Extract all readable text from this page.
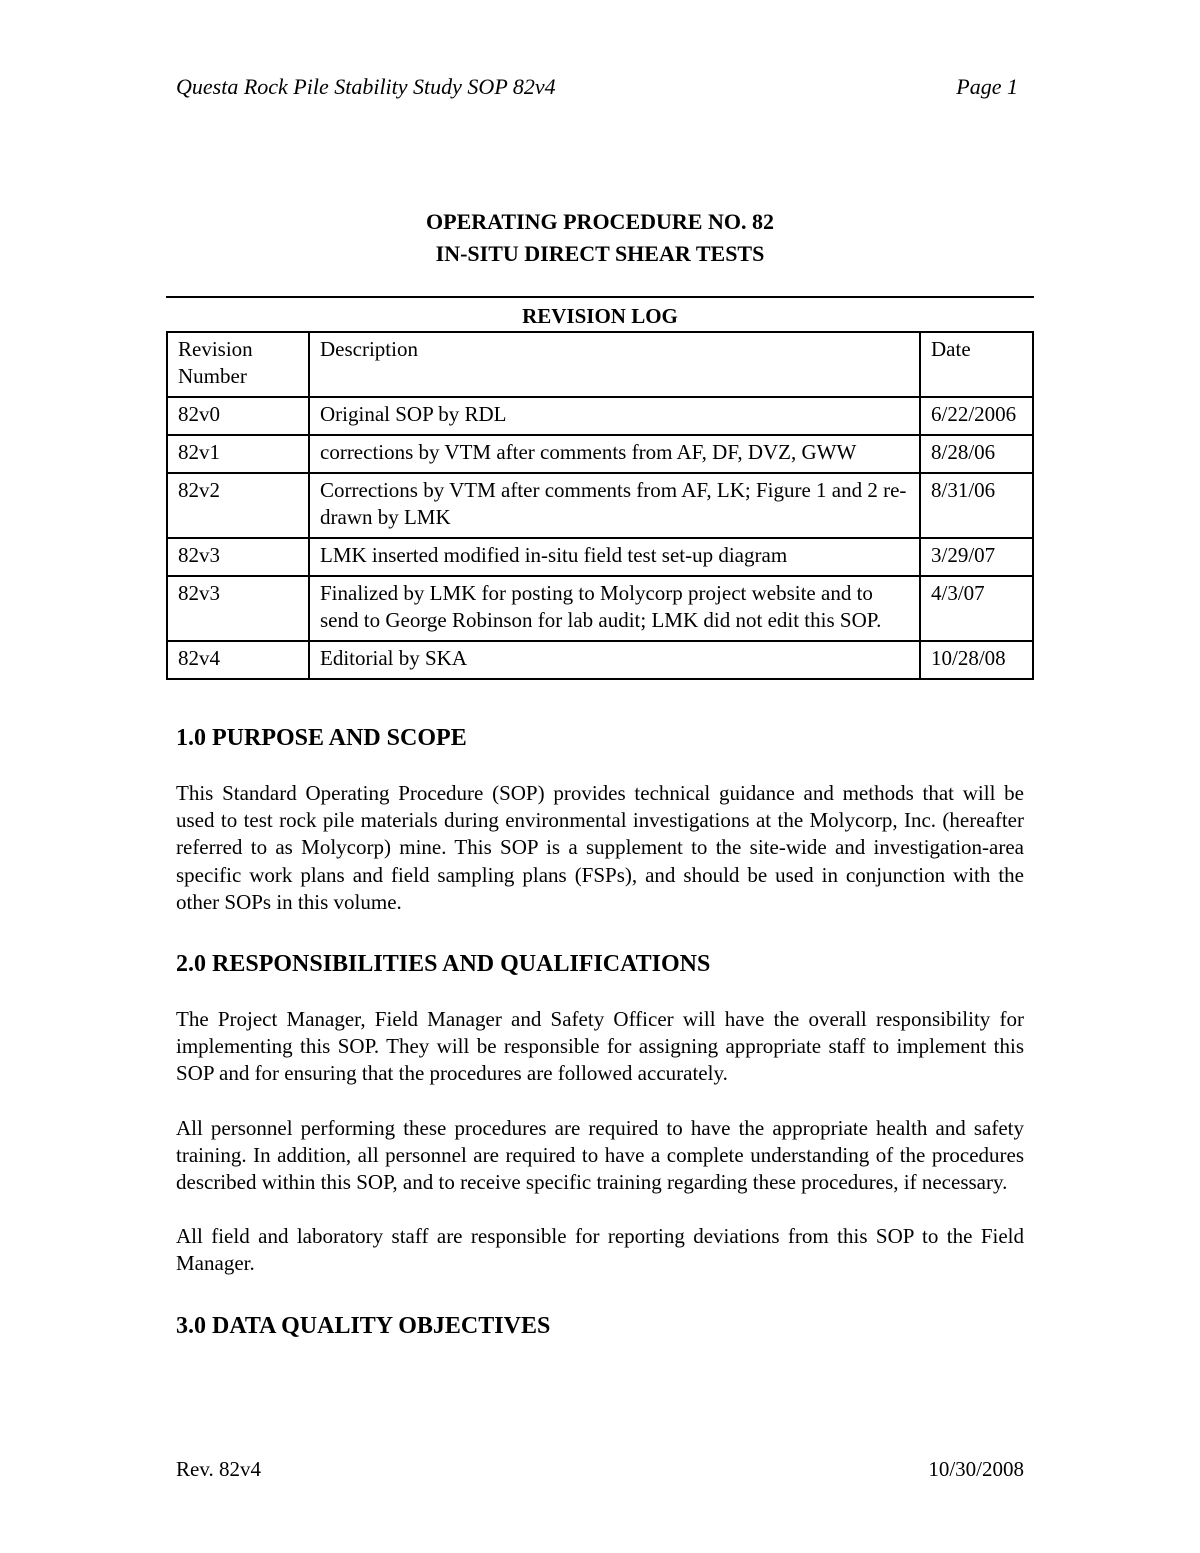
Questa Rock Pile Stability Study SOP 82v4	Page 1
OPERATING PROCEDURE NO. 82
IN-SITU DIRECT SHEAR TESTS
REVISION LOG
Revision Number	Description	Date
82v0	Original SOP by RDL	6/22/2006
82v1	corrections by VTM after comments from AF, DF, DVZ, GWW	8/28/06
82v2	Corrections by VTM after comments from AF, LK; Figure 1 and 2 re-drawn by LMK	8/31/06
82v3	LMK inserted modified in-situ field test set-up diagram	3/29/07
82v3	Finalized by LMK for posting to Molycorp project website and to send to George Robinson for lab audit; LMK did not edit this SOP.	4/3/07
82v4	Editorial by SKA	10/28/08
1.0 PURPOSE AND SCOPE

This Standard Operating Procedure (SOP) provides technical guidance and methods that will be used to test rock pile materials during environmental investigations at the Molycorp, Inc. (hereafter referred to as Molycorp) mine. This SOP is a supplement to the site-wide and investigation-area specific work plans and field sampling plans (FSPs), and should be used in conjunction with the other SOPs in this volume.

2.0 RESPONSIBILITIES AND QUALIFICATIONS

The Project Manager, Field Manager and Safety Officer will have the overall responsibility for implementing this SOP. They will be responsible for assigning appropriate staff to implement this SOP and for ensuring that the procedures are followed accurately.

All personnel performing these procedures are required to have the appropriate health and safety training. In addition, all personnel are required to have a complete understanding of the procedures described within this SOP, and to receive specific training regarding these procedures, if necessary.

All field and laboratory staff are responsible for reporting deviations from this SOP to the Field Manager.

3.0 DATA QUALITY OBJECTIVES
Rev. 82v4	10/30/2008
